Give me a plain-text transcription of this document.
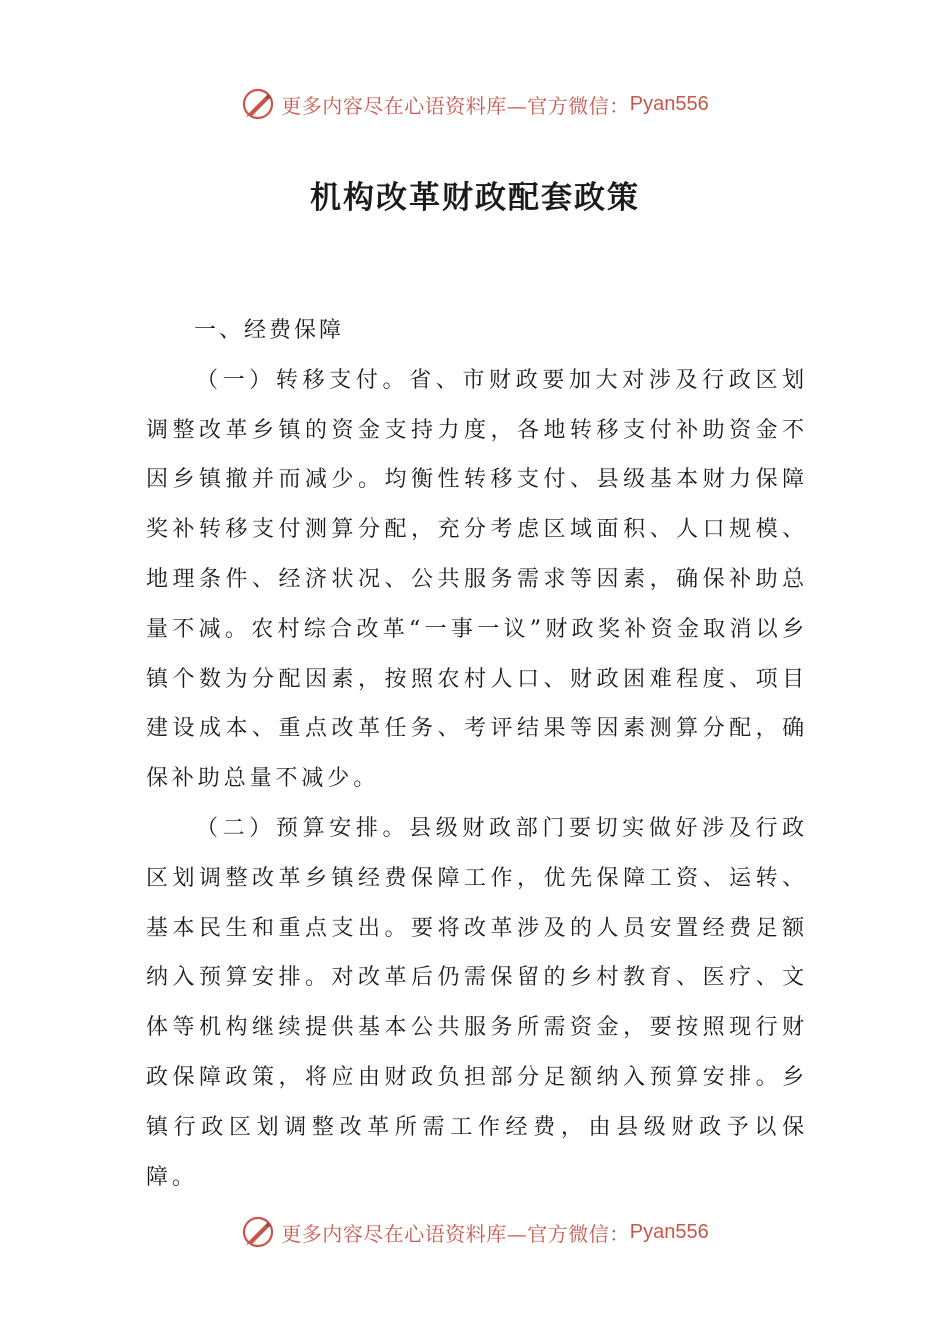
更多内容尽在心语资料库—官方微信： Pyan556
机构改革财政配套政策

一、经费保障

（一）转移支付。省、市财政要加大对涉及行政区划调整改革乡镇的资金支持力度，各地转移支付补助资金不因乡镇撤并而减少。均衡性转移支付、县级基本财力保障奖补转移支付测算分配，充分考虑区域面积、人口规模、地理条件、经济状况、公共服务需求等因素，确保补助总量不减。农村综合改革“一事一议”财政奖补资金取消以乡镇个数为分配因素，按照农村人口、财政困难程度、项目建设成本、重点改革任务、考评结果等因素测算分配，确保补助总量不减少。

（二）预算安排。县级财政部门要切实做好涉及行政区划调整改革乡镇经费保障工作，优先保障工资、运转、基本民生和重点支出。要将改革涉及的人员安置经费足额纳入预算安排。对改革后仍需保留的乡村教育、医疗、文体等机构继续提供基本公共服务所需资金，要按照现行财政保障政策，将应由财政负担部分足额纳入预算安排。乡镇行政区划调整改革所需工作经费，由县级财政予以保障。

更多内容尽在心语资料库—官方微信： Pyan556
